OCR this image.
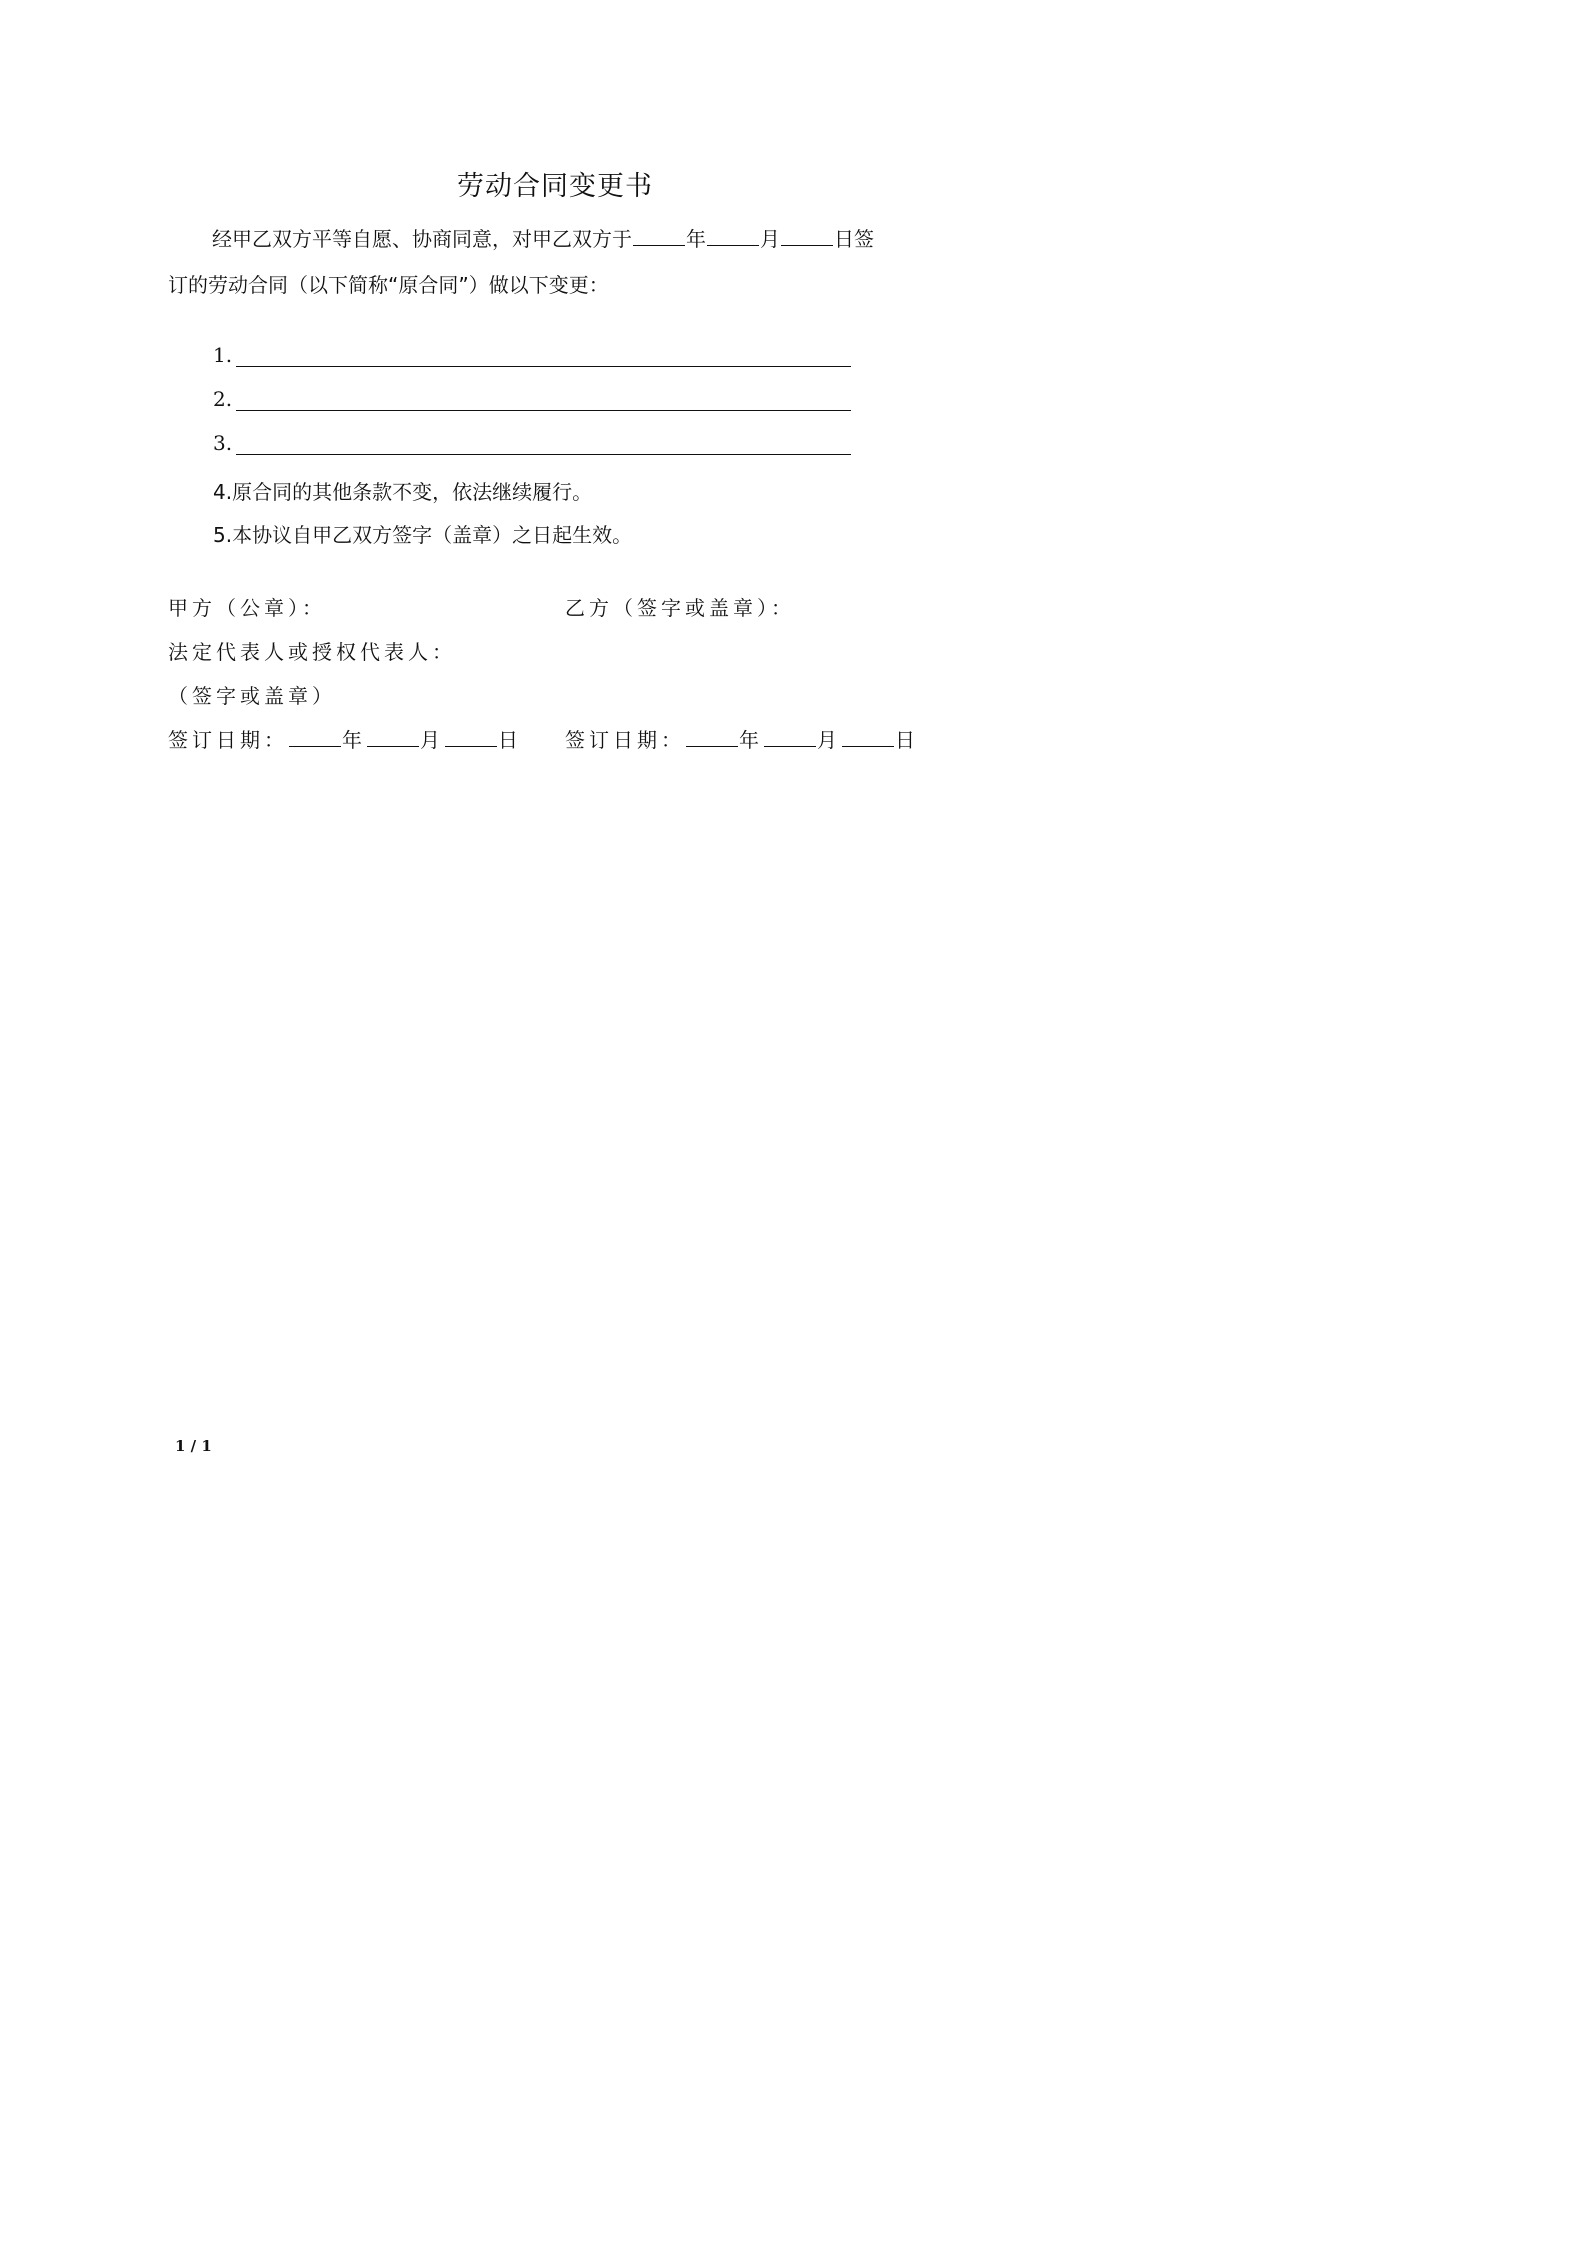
劳动合同变更书
经甲乙双方平等自愿、协商同意，对甲乙双方于	年	月	日签
订的劳动合同（以下简称“原合同”）做以下变更：
1.
2.
3.
4.原合同的其他条款不变，依法继续履行。
5.本协议自甲乙双方签字（盖章）之日起生效。
甲方（公章）：	乙方（签字或盖章）：
法定代表人或授权代表人：
（签字或盖章）
签订日期：	年	月	日 签订日期：	年	月	日
1 / 1
